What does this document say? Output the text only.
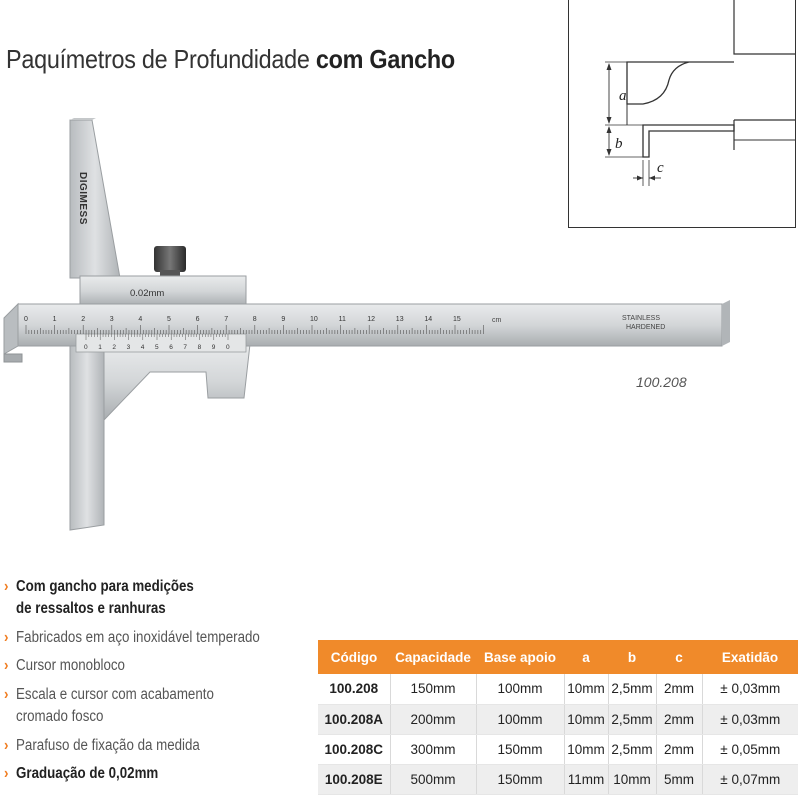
Paquímetros de Profundidade com Gancho
a
b
c
DIGIMESS
0.02mm
0 1 2 3 4 5 6 7 8 9 0
cm	STAINLESS
HARDENED
0	1	2	3	4	5	6	7	8	9	10	11	12	13	14	15
100.208
› Com gancho para medições
de ressaltos e ranhuras
› Fabricados em aço inoxidável temperado
› Cursor monobloco
› Escala e cursor com acabamento
cromado fosco
› Parafuso de fixação da medida
› Graduação de 0,02mm
Código	Capacidade	Base apoio	a	b	c	Exatidão
100.208	150mm	100mm	10mm	2,5mm	2mm	± 0,03mm
100.208A	200mm	100mm	10mm	2,5mm	2mm	± 0,03mm
100.208C	300mm	150mm	10mm	2,5mm	2mm	± 0,05mm
100.208E	500mm	150mm	11mm	10mm	5mm	± 0,07mm
